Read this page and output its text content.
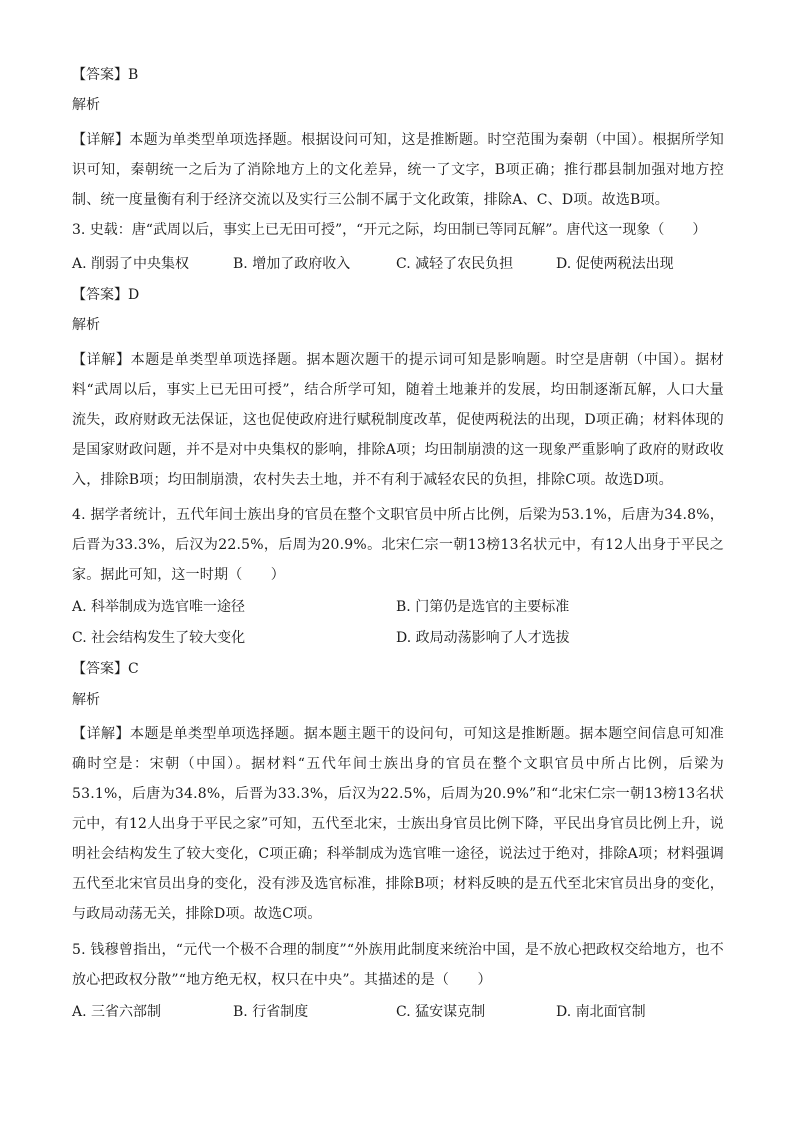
【答案】B
解析
【详解】本题为单类型单项选择题。根据设问可知，这是推断题。时空范围为秦朝（中国）。根据所学知识可知，秦朝统一之后为了消除地方上的文化差异，统一了文字，B项正确；推行郡县制加强对地方控制、统一度量衡有利于经济交流以及实行三公制不属于文化政策，排除A、C、D项。故选B项。
3. 史载：唐“武周以后，事实上已无田可授”，“开元之际，均田制已等同瓦解”。唐代这一现象（　　）
A. 削弱了中央集权	B. 增加了政府收入	C. 减轻了农民负担	D. 促使两税法出现
【答案】D
解析
【详解】本题是单类型单项选择题。据本题次题干的提示词可知是影响题。时空是唐朝（中国）。据材料“武周以后，事实上已无田可授”，结合所学可知，随着土地兼并的发展，均田制逐渐瓦解，人口大量流失，政府财政无法保证，这也促使政府进行赋税制度改革，促使两税法的出现，D项正确；材料体现的是国家财政问题，并不是对中央集权的影响，排除A项；均田制崩溃的这一现象严重影响了政府的财政收入，排除B项；均田制崩溃，农村失去土地，并不有利于减轻农民的负担，排除C项。故选D项。
4. 据学者统计，五代年间士族出身的官员在整个文职官员中所占比例，后梁为53.1%，后唐为34.8%，后晋为33.3%，后汉为22.5%，后周为20.9%。北宋仁宗一朝13榜13名状元中，有12人出身于平民之家。据此可知，这一时期（　　）
A. 科举制成为选官唯一途径	B. 门第仍是选官的主要标准
C. 社会结构发生了较大变化	D. 政局动荡影响了人才选拔
【答案】C
解析
【详解】本题是单类型单项选择题。据本题主题干的设问句，可知这是推断题。据本题空间信息可知准确时空是：宋朝（中国）。据材料“五代年间士族出身的官员在整个文职官员中所占比例，后梁为53.1%，后唐为34.8%，后晋为33.3%，后汉为22.5%，后周为20.9%”和“北宋仁宗一朝13榜13名状元中，有12人出身于平民之家”可知，五代至北宋，士族出身官员比例下降，平民出身官员比例上升，说明社会结构发生了较大变化，C项正确；科举制成为选官唯一途径，说法过于绝对，排除A项；材料强调五代至北宋官员出身的变化，没有涉及选官标准，排除B项；材料反映的是五代至北宋官员出身的变化，与政局动荡无关，排除D项。故选C项。
5. 钱穆曾指出，“元代一个极不合理的制度”“外族用此制度来统治中国，是不放心把政权交给地方，也不放心把政权分散”“地方绝无权，权只在中央”。其描述的是（　　）
A. 三省六部制	B. 行省制度	C. 猛安谋克制	D. 南北面官制
